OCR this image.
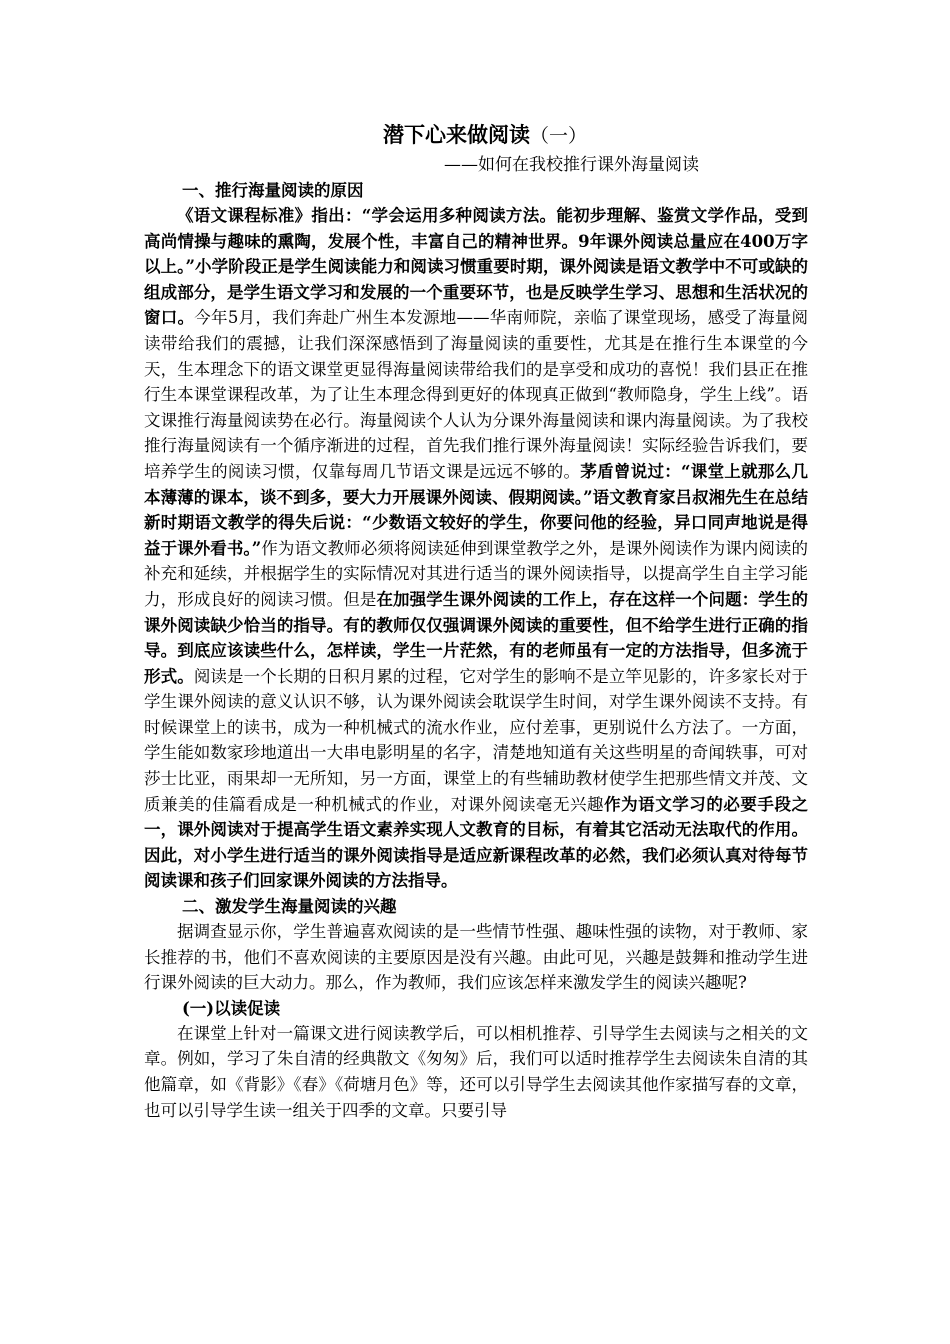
潜下心来做阅读（一）
——如何在我校推行课外海量阅读
一、推行海量阅读的原因

《语文课程标准》指出：“学会运用多种阅读方法。能初步理解、鉴赏文学作品，受到高尚情操与趣味的熏陶，发展个性，丰富自己的精神世界。9年课外阅读总量应在400万字以上。”小学阶段正是学生阅读能力和阅读习惯重要时期，课外阅读是语文教学中不可或缺的组成部分，是学生语文学习和发展的一个重要环节，也是反映学生学习、思想和生活状况的窗口。今年5月，我们奔赴广州生本发源地——华南师院，亲临了课堂现场，感受了海量阅读带给我们的震撼，让我们深深感悟到了海量阅读的重要性，尤其是在推行生本课堂的今天，生本理念下的语文课堂更显得海量阅读带给我们的是享受和成功的喜悦！我们县正在推行生本课堂课程改革，为了让生本理念得到更好的体现真正做到“教师隐身，学生上线”。语文课推行海量阅读势在必行。海量阅读个人认为分课外海量阅读和课内海量阅读。为了我校推行海量阅读有一个循序渐进的过程，首先我们推行课外海量阅读！实际经验告诉我们，要培养学生的阅读习惯，仅靠每周几节语文课是远远不够的。茅盾曾说过：“课堂上就那么几本薄薄的课本，谈不到多，要大力开展课外阅读、假期阅读。”语文教育家吕叔湘先生在总结新时期语文教学的得失后说：“少数语文较好的学生，你要问他的经验，异口同声地说是得益于课外看书。”作为语文教师必须将阅读延伸到课堂教学之外，是课外阅读作为课内阅读的补充和延续，并根据学生的实际情况对其进行适当的课外阅读指导，以提高学生自主学习能力，形成良好的阅读习惯。但是在加强学生课外阅读的工作上，存在这样一个问题：学生的课外阅读缺少恰当的指导。有的教师仅仅强调课外阅读的重要性，但不给学生进行正确的指导。到底应该读些什么，怎样读，学生一片茫然，有的老师虽有一定的方法指导，但多流于形式。阅读是一个长期的日积月累的过程，它对学生的影响不是立竿见影的，许多家长对于学生课外阅读的意义认识不够，认为课外阅读会耽误学生时间，对学生课外阅读不支持。有时候课堂上的读书，成为一种机械式的流水作业，应付差事，更别说什么方法了。一方面，学生能如数家珍地道出一大串电影明星的名字，清楚地知道有关这些明星的奇闻轶事，可对莎士比亚，雨果却一无所知，另一方面，课堂上的有些辅助教材使学生把那些情文并茂、文质兼美的佳篇看成是一种机械式的作业，对课外阅读毫无兴趣作为语文学习的必要手段之一，课外阅读对于提高学生语文素养实现人文教育的目标，有着其它活动无法取代的作用。因此，对小学生进行适当的课外阅读指导是适应新课程改革的必然，我们必须认真对待每节阅读课和孩子们回家课外阅读的方法指导。

二、激发学生海量阅读的兴趣

据调查显示你，学生普遍喜欢阅读的是一些情节性强、趣味性强的读物，对于教师、家长推荐的书，他们不喜欢阅读的主要原因是没有兴趣。由此可见，兴趣是鼓舞和推动学生进行课外阅读的巨大动力。那么，作为教师，我们应该怎样来激发学生的阅读兴趣呢?

(一)以读促读

在课堂上针对一篇课文进行阅读教学后，可以相机推荐、引导学生去阅读与之相关的文章。例如，学习了朱自清的经典散文《匆匆》后，我们可以适时推荐学生去阅读朱自清的其他篇章，如《背影》《春》《荷塘月色》等，还可以引导学生去阅读其他作家描写春的文章，也可以引导学生读一组关于四季的文章。只要引导
